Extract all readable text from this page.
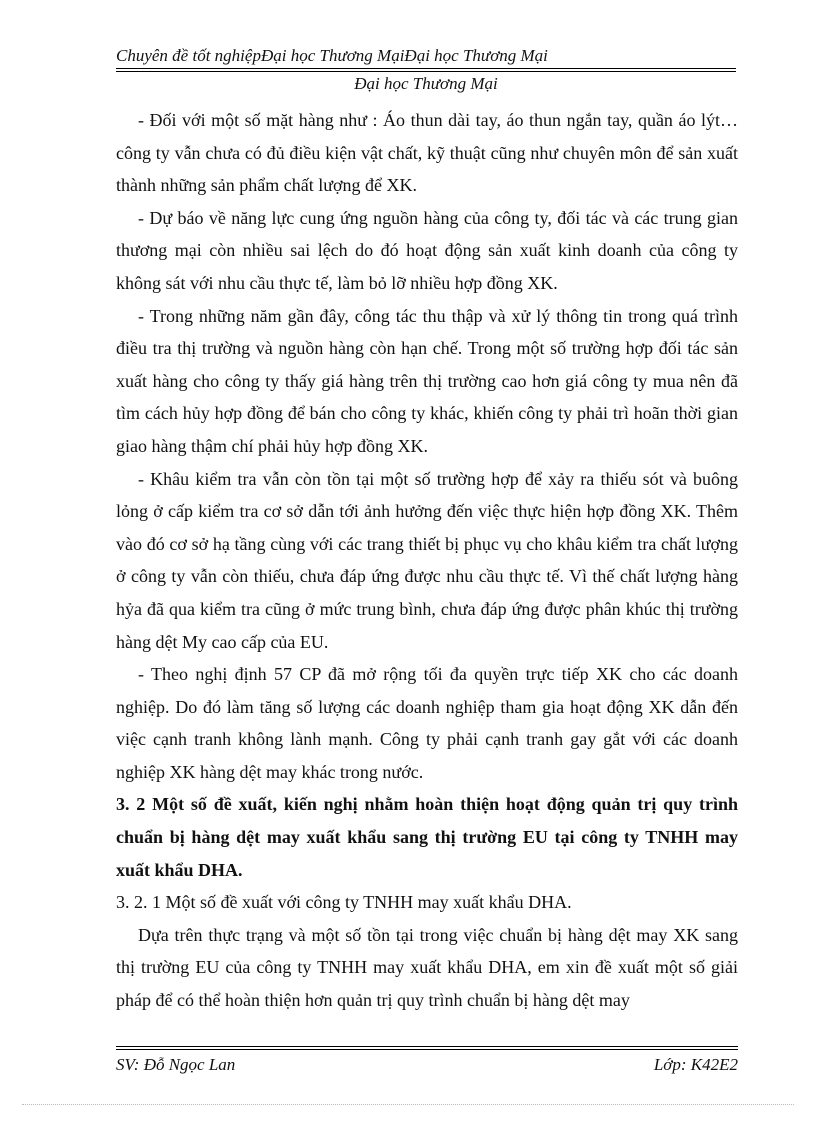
Chuyên đề tốt nghiệpĐại học Thương MạiĐại học Thương Mại
Đại học Thương Mại

- Đối với một số mặt hàng như : Áo thun dài tay, áo thun ngắn tay, quần áo lýt… công ty vẫn chưa có đủ điều kiện vật chất, kỹ thuật cũng như chuyên môn để sản xuất thành những sản phẩm chất lượng để XK.

- Dự báo về năng lực cung ứng nguồn hàng của công ty, đối tác và các trung gian thương mại còn nhiều sai lệch do đó hoạt động sản xuất kinh doanh của công ty không sát với nhu cầu thực tế, làm bỏ lỡ nhiều hợp đồng XK.

- Trong những năm gần đây, công tác thu thập và xử lý thông tin trong quá trình điều tra thị trường và nguồn hàng còn hạn chế. Trong một số trường hợp đối tác sản xuất hàng cho công ty thấy giá hàng trên thị trường cao hơn giá công ty mua nên đã tìm cách hủy hợp đồng để bán cho công ty khác, khiến công ty phải trì hoãn thời gian giao hàng thậm chí phải hủy hợp đồng XK.

- Khâu kiểm tra vẫn còn tồn tại một số trường hợp để xảy ra thiếu sót và buông lỏng ở cấp kiểm tra cơ sở dẫn tới ảnh hưởng đến việc thực hiện hợp đồng XK. Thêm vào đó cơ sở hạ tầng cùng với các trang thiết bị phục vụ cho khâu kiểm tra chất lượng ở công ty vẫn còn thiếu, chưa đáp ứng được nhu cầu thực tế. Vì thế chất lượng hàng hỷa đã qua kiểm tra cũng ở mức trung bình, chưa đáp ứng được phân khúc thị trường hàng dệt My cao cấp của EU.

- Theo nghị định 57 CP đã mở rộng tối đa quyền trực tiếp XK cho các doanh nghiệp. Do đó làm tăng số lượng các doanh nghiệp tham gia hoạt động XK dẫn đến việc cạnh tranh không lành mạnh. Công ty phải cạnh tranh gay gắt với các doanh nghiệp XK hàng dệt may khác trong nước.

3. 2 Một số đề xuất, kiến nghị nhằm hoàn thiện hoạt động quản trị quy trình chuẩn bị hàng dệt may xuất khẩu sang thị trường EU tại công ty TNHH may xuất khẩu DHA.

3. 2. 1 Một số đề xuất với công ty TNHH may xuất khẩu DHA.

Dựa trên thực trạng và một số tồn tại trong việc chuẩn bị hàng dệt may XK sang thị trường EU của công ty TNHH may xuất khẩu DHA, em xin đề xuất một số giải pháp để có thể hoàn thiện hơn quản trị quy trình chuẩn bị hàng dệt may

SV: Đỗ Ngọc Lan	Lớp: K42E2
